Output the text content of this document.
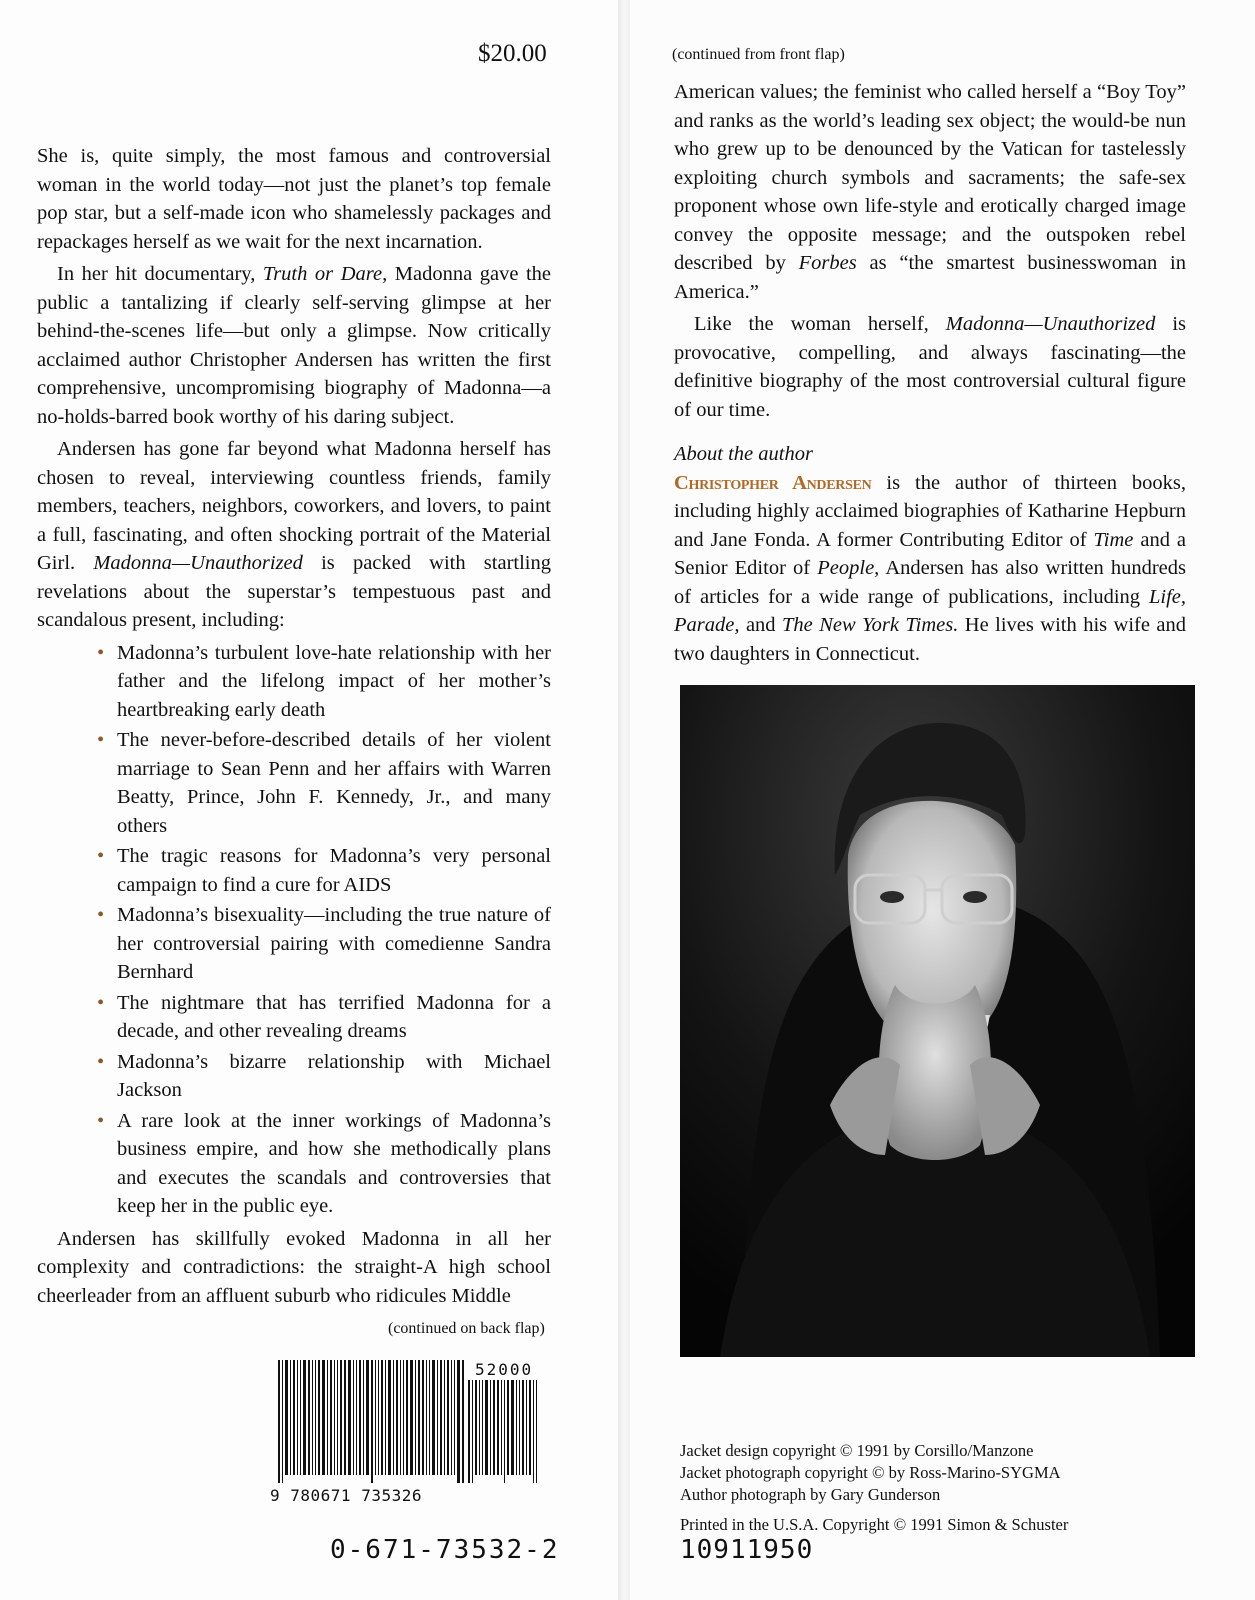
$20.00

She is, quite simply, the most famous and controversial woman in the world today—not just the planet’s top female pop star, but a self-made icon who shamelessly packages and repackages herself as we wait for the next incarnation.

In her hit documentary, Truth or Dare, Madonna gave the public a tantalizing if clearly self-serving glimpse at her behind-the-scenes life—but only a glimpse. Now critically acclaimed author Christopher Andersen has written the first comprehensive, uncompromising biography of Madonna—a no-holds-barred book worthy of his daring subject.

Andersen has gone far beyond what Madonna herself has chosen to reveal, interviewing countless friends, family members, teachers, neighbors, coworkers, and lovers, to paint a full, fascinating, and often shocking portrait of the Material Girl. Madonna—Unauthorized is packed with startling revelations about the superstar’s tempestuous past and scandalous present, including:

• Madonna’s turbulent love-hate relationship with her father and the lifelong impact of her mother’s heartbreaking early death
• The never-before-described details of her violent marriage to Sean Penn and her affairs with Warren Beatty, Prince, John F. Kennedy, Jr., and many others
• The tragic reasons for Madonna’s very personal campaign to find a cure for AIDS
• Madonna’s bisexuality—including the true nature of her controversial pairing with comedienne Sandra Bernhard
• The nightmare that has terrified Madonna for a decade, and other revealing dreams
• Madonna’s bizarre relationship with Michael Jackson
• A rare look at the inner workings of Madonna’s business empire, and how she methodically plans and executes the scandals and controversies that keep her in the public eye.

Andersen has skillfully evoked Madonna in all her complexity and contradictions: the straight-A high school cheerleader from an affluent suburb who ridicules Middle

(continued on back flap)
52000
9 780671 735326
0-671-73532-2
(continued from front flap)

American values; the feminist who called herself a “Boy Toy” and ranks as the world’s leading sex object; the would-be nun who grew up to be denounced by the Vatican for tastelessly exploiting church symbols and sacraments; the safe-sex proponent whose own life-style and erotically charged image convey the opposite message; and the outspoken rebel described by Forbes as “the smartest businesswoman in America.”

Like the woman herself, Madonna—Unauthorized is provocative, compelling, and always fascinating—the definitive biography of the most controversial cultural figure of our time.

About the author

Christopher Andersen is the author of thirteen books, including highly acclaimed biographies of Katharine Hepburn and Jane Fonda. A former Contributing Editor of Time and a Senior Editor of People, Andersen has also written hundreds of articles for a wide range of publications, including Life, Parade, and The New York Times. He lives with his wife and two daughters in Connecticut.

Jacket design copyright © 1991 by Corsillo/Manzone
Jacket photograph copyright © by Ross-Marino-SYGMA
Author photograph by Gary Gunderson
Printed in the U.S.A. Copyright © 1991 Simon & Schuster
10911950
